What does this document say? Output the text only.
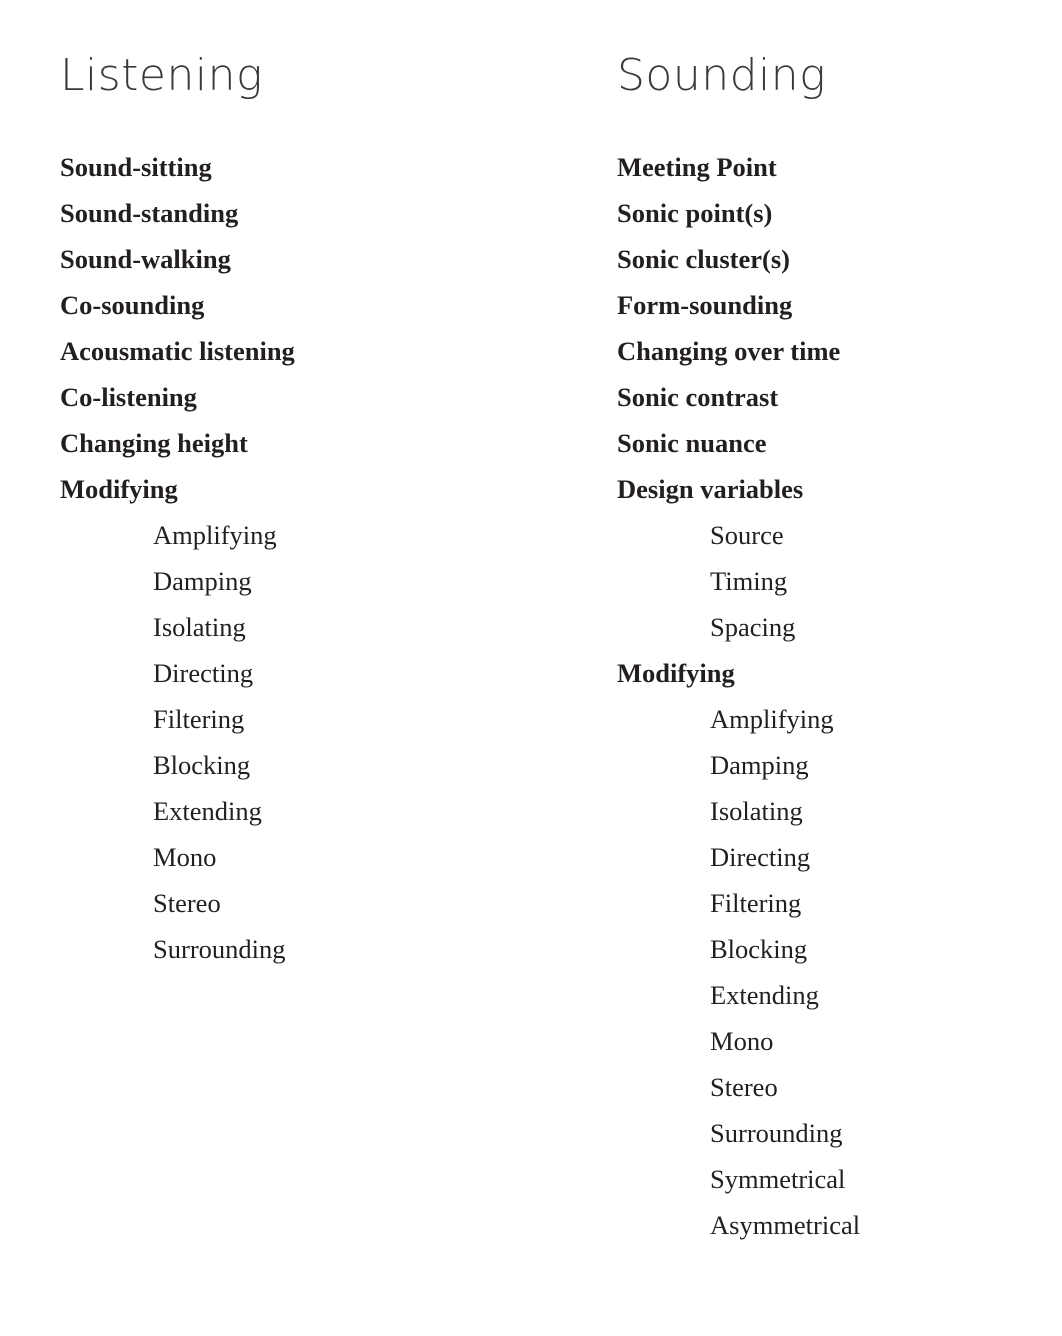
Listening
Sound-sitting
Sound-standing
Sound-walking
Co-sounding
Acousmatic listening
Co-listening
Changing height
Modifying
Amplifying
Damping
Isolating
Directing
Filtering
Blocking
Extending
Mono
Stereo
Surrounding
Sounding
Meeting Point
Sonic point(s)
Sonic cluster(s)
Form-sounding
Changing over time
Sonic contrast
Sonic nuance
Design variables
Source
Timing
Spacing
Modifying
Amplifying
Damping
Isolating
Directing
Filtering
Blocking
Extending
Mono
Stereo
Surrounding
Symmetrical
Asymmetrical
